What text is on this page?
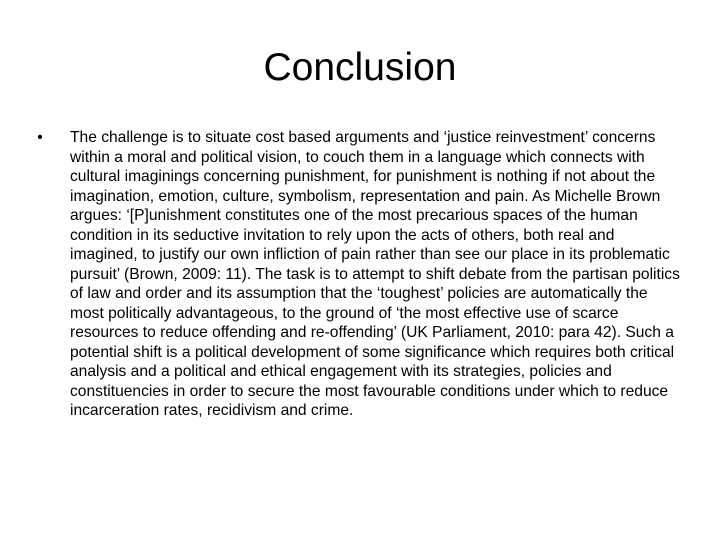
Conclusion
• The challenge is to situate cost based arguments and ‘justice reinvestment’ concerns within a moral and political vision, to couch them in a language which connects with cultural imaginings concerning punishment, for punishment is nothing if not about the imagination, emotion, culture, symbolism, representation and pain. As Michelle Brown argues: ‘[P]unishment constitutes one of the most precarious spaces of the human condition in its seductive invitation to rely upon the acts of others, both real and imagined, to justify our own infliction of pain rather than see our place in its problematic pursuit’ (Brown, 2009: 11). The task is to attempt to shift debate from the partisan politics of law and order and its assumption that the ‘toughest’ policies are automatically the most politically advantageous, to the ground of ‘the most effective use of scarce resources to reduce offending and re-offending’ (UK Parliament, 2010: para 42). Such a potential shift is a political development of some significance which requires both critical analysis and a political and ethical engagement with its strategies, policies and constituencies in order to secure the most favourable conditions under which to reduce incarceration rates, recidivism and crime.
